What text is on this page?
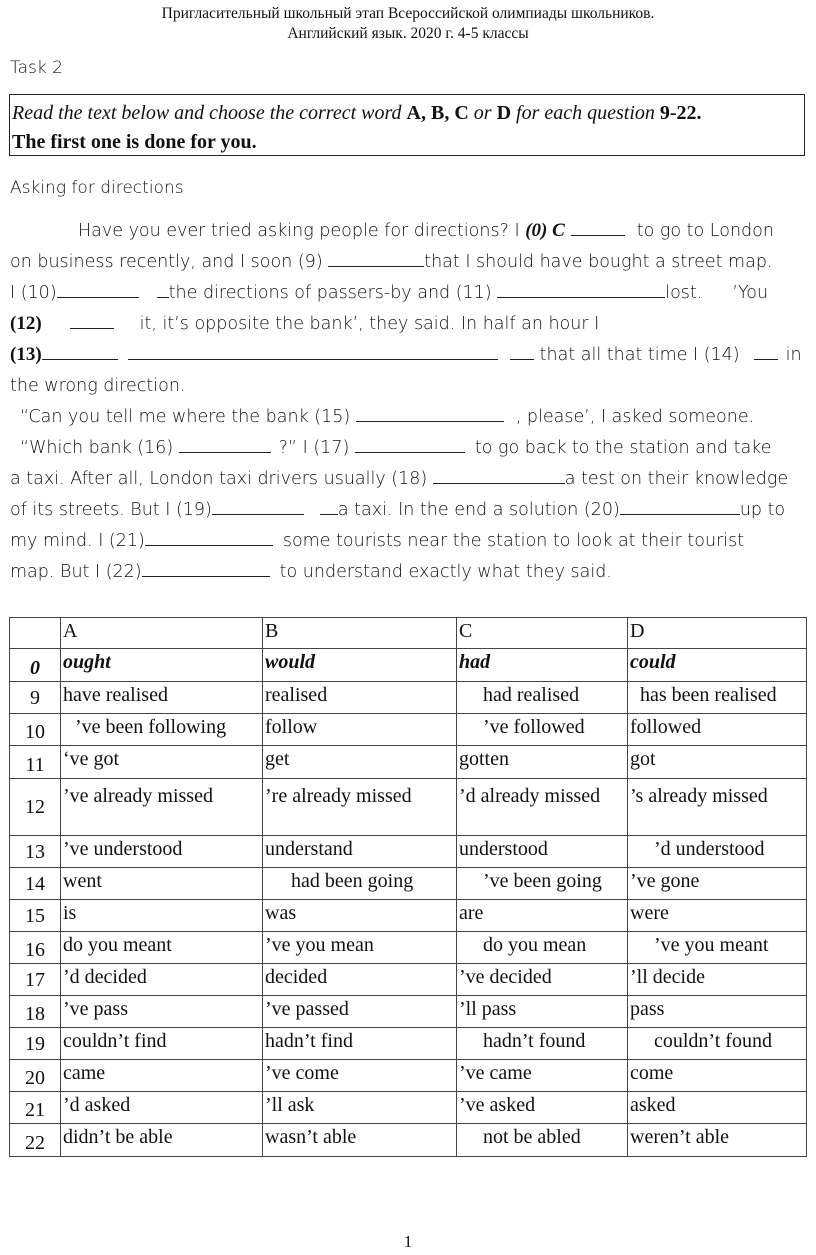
Пригласительный школьный этап Всероссийской олимпиады школьников.
Английский язык. 2020 г. 4-5 классы
Task 2
Read the text below and choose the correct word A, B, C or D for each question 9-22.
The first one is done for you.
Asking for directions
Have you ever tried asking people for directions? I (0) C	to go to London
on business recently, and I soon (9)	that I should have bought a street map.
I (10)	the directions of passers-by and (11)	lost. ’You
(12)	it, it’s opposite the bank’, they said. In half an hour I
(13)	that all that time I (14)	in
the wrong direction.
“Can you tell me where the bank (15)	, please’, I asked someone.
“Which bank (16)	?” I (17)	to go back to the station and take
a taxi. After all, London taxi drivers usually (18)	a test on their knowledge
of its streets. But I (19)	a taxi. In the end a solution (20)	up to
my mind. I (21)	some tourists near the station to look at their tourist
map. But I (22)	to understand exactly what they said.
	A	B	C	D
0	ought	would	had	could
9	have realised	realised	had realised	has been realised
10	’ve been following	follow	’ve followed	followed
11	‘ve got	get	gotten	got
12	’ve already missed	’re already missed	’d already missed	’s already missed
13	’ve understood	understand	understood	’d understood
14	went	had been going	’ve been going	’ve gone
15	is	was	are	were
16	do you meant	’ve you mean	do you mean	’ve you meant
17	’d decided	decided	’ve decided	’ll decide
18	’ve pass	’ve passed	’ll pass	pass
19	couldn’t find	hadn’t find	hadn’t found	couldn’t found
20	came	’ve come	’ve came	come
21	’d asked	’ll ask	’ve asked	asked
22	didn’t be able	wasn’t able	not be abled	weren’t able
1
